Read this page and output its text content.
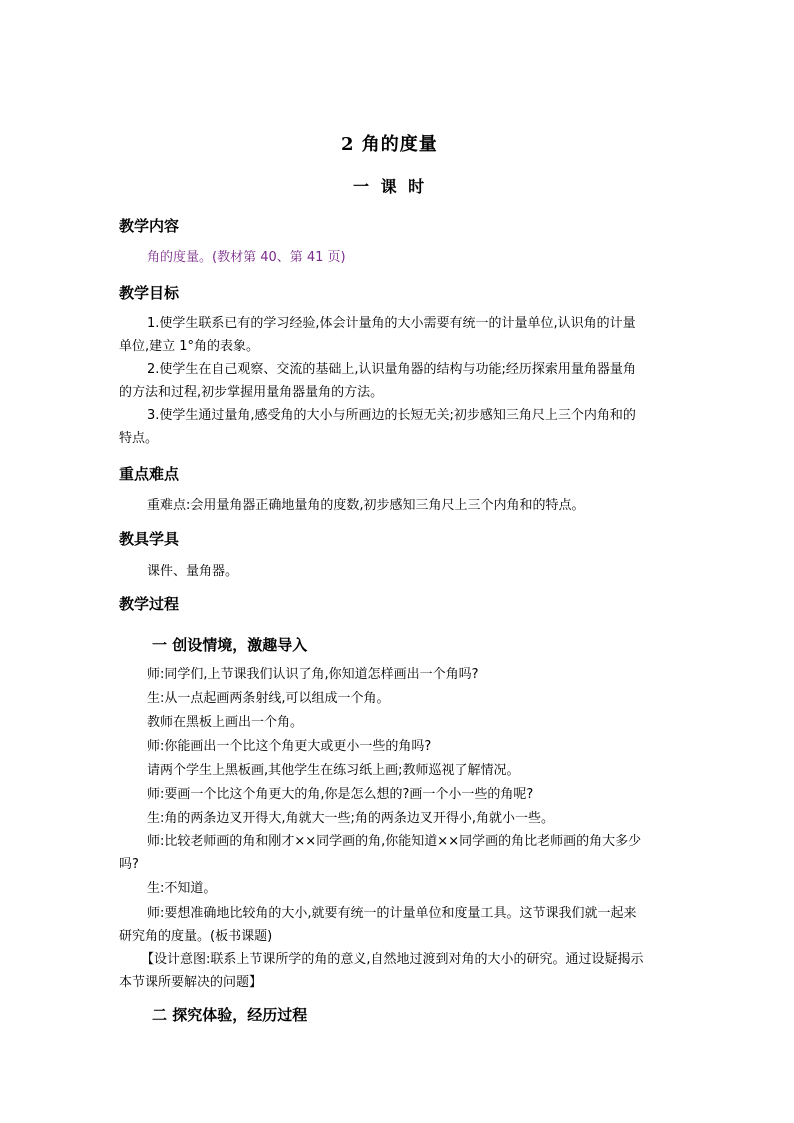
2 角的度量
一 课 时
教学内容
角的度量。(教材第 40、第 41 页)
教学目标
1.使学生联系已有的学习经验,体会计量角的大小需要有统一的计量单位,认识角的计量单位,建立 1°角的表象。
2.使学生在自己观察、交流的基础上,认识量角器的结构与功能;经历探索用量角器量角的方法和过程,初步掌握用量角器量角的方法。
3.使学生通过量角,感受角的大小与所画边的长短无关;初步感知三角尺上三个内角和的特点。
重点难点
重难点:会用量角器正确地量角的度数,初步感知三角尺上三个内角和的特点。
教具学具
课件、量角器。
教学过程
一 创设情境，激趣导入
师:同学们,上节课我们认识了角,你知道怎样画出一个角吗?
生:从一点起画两条射线,可以组成一个角。
教师在黑板上画出一个角。
师:你能画出一个比这个角更大或更小一些的角吗?
请两个学生上黑板画,其他学生在练习纸上画;教师巡视了解情况。
师:要画一个比这个角更大的角,你是怎么想的?画一个小一些的角呢?
生:角的两条边叉开得大,角就大一些;角的两条边叉开得小,角就小一些。
师:比较老师画的角和刚才××同学画的角,你能知道××同学画的角比老师画的角大多少吗?
生:不知道。
师:要想准确地比较角的大小,就要有统一的计量单位和度量工具。这节课我们就一起来研究角的度量。(板书课题)
【设计意图:联系上节课所学的角的意义,自然地过渡到对角的大小的研究。通过设疑揭示本节课所要解决的问题】
二 探究体验，经历过程
